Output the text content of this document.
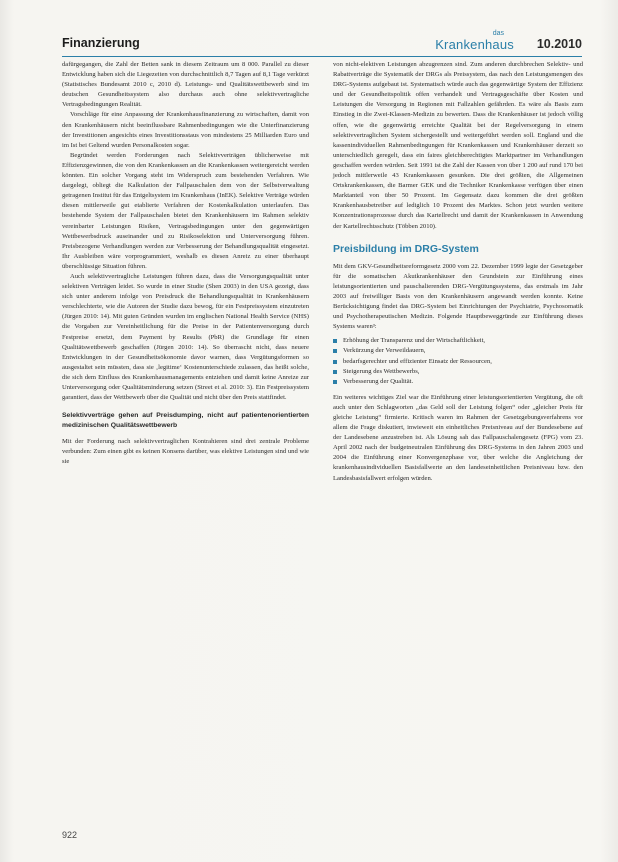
Finanzierung
das
Krankenhaus 10.2010

dafürgegangen, die Zahl der Betten sank in diesem Zeitraum um 8 000. Parallel zu dieser Entwicklung haben sich die Liegezeiten von durchschnittlich 8,7 Tagen auf 8,1 Tage verkürzt (Statistisches Bundesamt 2010 c, 2010 d). Leistungs- und Qualitätswettbewerb sind im deutschen Gesundheitssystem also durchaus auch ohne selektivvertragliche Vertragsbedingungen Realität.

Vorschläge für eine Anpassung der Krankenhausfinanzierung zu wirtschaften, damit von den Krankenhäusern nicht beeinflussbare Rahmenbedingungen wie die Unterfinanzierung der Investitionen angesichts eines Investitionsstaus von mindestens 25 Milliarden Euro und im Ist bei Geltend wurden Personalkosten sogar.

Begründet werden Forderungen nach Selektivverträgen üblicherweise mit Effizienzgewinnen, die von den Krankenkassen an die Krankenkassen weitergereicht werden könnten. Ein solcher Vorgang steht im Widerspruch zum bestehenden Verfahren. Wie dargelegt, obliegt die Kalkulation der Fallpauschalen dem von der Selbstverwaltung getragenen Institut für das Entgeltsystem im Krankenhaus (InEK). Selektive Verträge würden diesen mittlerweile gut etablierte Verfahren der Kostenkalkulation unterlaufen. Das bestehende System der Fallpauschalen bietet den Krankenhäusern im Rahmen selektiv vereinbarter Leistungen Risiken, Vertragsbedingungen unter den gegenwärtigen Wettbewerbsdruck auseinander und zu Risikoselektion und Unterversorgung führen. Preisbezogene Verhandlungen werden zur Verbesserung der Behandlungsqualität eingesetzt. Ihr Ausbleiben wäre vorprogrammiert, weshalb es diesen Anreiz zu einer überhaupt überschlüssige Situation führen.

Auch selektivvertragliche Leistungen führen dazu, dass die Versorgungsqualität unter selektiven Verträgen leidet. So wurde in einer Studie (Shen 2003) in den USA gezeigt, dass sich unter anderem infolge von Preisdruck die Behandlungsqualität in Krankenhäusern verschlechterte, wie die Autoren der Studie dazu bewog, für ein Festpreissystem einzutreten (Jürgen 2010: 14). Mit guten Gründen wurden im englischen National Health Service (NHS) die Vorgaben zur Vereinheitlichung für die Preise in der Patientenversorgung durch Festpreise ersetzt, dem Payment by Results (PbR) die Grundlage für einen Qualitätswettbewerb geschaffen (Jürgen 2010: 14). So überrascht nicht, dass neuere Entwicklungen in der Gesundheitsökonomie davor warnen, dass Vergütungsformen so ausgestaltet sein müssten, dass sie ‚legitime‘ Kostenunterschiede zulassen, das heißt solche, die sich dem Einfluss des Krankenhausmanagements entziehen und damit keine Anreize zur Unterversorgung oder Qualitätsminderung setzen (Street et al. 2010: 3). Ein Festpreissystem garantiert, dass der Wettbewerb über die Qualität und nicht über den Preis stattfindet.

Selektivverträge gehen auf Preisdumping, nicht auf patientenorientierten medizinischen Qualitätswettbewerb

Mit der Forderung nach selektivvertraglichen Kontrahieren sind drei zentrale Probleme verbunden: Zum einen gibt es keinen Konsens darüber, was elektive Leistungen sind und wie sie

von nicht-elektiven Leistungen abzugrenzen sind. Zum anderen durchbrechen Selektiv- und Rabattverträge die Systematik der DRGs als Preissystem, das nach den Leistungsmengen des DRG-Systems aufgebaut ist. Systematisch würde auch das gegenwärtige System der Effizienz und der Gesundheitspolitik offen verhandelt und Vertragsgeschäfte über Kosten und Leistungen die Versorgung in Regionen mit Fallzahlen gefährden. Es wäre als Basis zum Einstieg in die Zwei-Klassen-Medizin zu bewerten. Dass die Krankenhäuser ist jedoch völlig offen, wie die gegenwärtig erreichte Qualität bei der Regelversorgung in einem selektivvertraglichen System sichergestellt und weitergeführt werden soll. England und die kassenindividuellen Rahmenbedingungen für Krankenkassen und Krankenhäuser derzeit so unterschiedlich geregelt, dass ein faires gleichberechtigtes Marktpartner im Verhandlungen geschaffen werden würden. Seit 1991 ist die Zahl der Kassen von über 1 200 auf rund 170 bei jedoch mittlerweile 43 Krankenkassen gesunken. Die drei größten, die Allgemeinen Ortskrankenkassen, die Barmer GEK und die Techniker Krankenkasse verfügen über einen Marktanteil von über 50 Prozent. Im Gegensatz dazu kommen die drei größten Krankenhausbetreiber auf lediglich 10 Prozent des Marktes. Schon jetzt wurden weitere Konzentrationsprozesse durch das Kartellrecht und damit der Krankenkassen in Anwendung der Kartellrechtsschutz (Többen 2010).

Preisbildung im DRG-System

Mit dem GKV-Gesundheitsreformgesetz 2000 vom 22. Dezember 1999 legte der Gesetzgeber für die somatischen Akutkrankenhäuser den Grundstein zur Einführung eines leistungsorientierten und pauschalierenden DRG-Vergütungssystems, das erstmals im Jahr 2003 auf freiwilliger Basis von den Krankenhäusern angewandt werden konnte. Keine Berücksichtigung findet das DRG-System bei Einrichtungen der Psychiatrie, Psychosomatik und Psychotherapeutischen Medizin. Folgende Hauptbeweggründe zur Einführung dieses Systems waren³:

Erhöhung der Transparenz und der Wirtschaftlichkeit,
Verkürzung der Verweildauern,
bedarfsgerechter und effizienter Einsatz der Ressourcen,
Steigerung des Wettbewerbs,
Verbesserung der Qualität.

Ein weiteres wichtiges Ziel war die Einführung einer leistungsorientierten Vergütung, die oft auch unter den Schlagworten „das Geld soll der Leistung folgen“ oder „gleicher Preis für gleiche Leistung“ firmierte. Kritisch waren im Rahmen der Gesetzgebungsverfahrens vor allem die Frage diskutiert, inwieweit ein einheitliches Preisniveau auf der Bundesebene auf der Landesebene anzustreben ist. Als Lösung sah das Fallpauschalengesetz (FPG) vom 23. April 2002 nach der budgetneutralen Einführung des DRG-Systems in den Jahren 2003 und 2004 die Einführung einer Konvergenzphase vor, über welche die Angleichung der krankenhausindividuellen Basisfallwerte an den landeseinheitlichen Preisniveau bzw. den Landesbasisfallwert erfolgen würden.

922
